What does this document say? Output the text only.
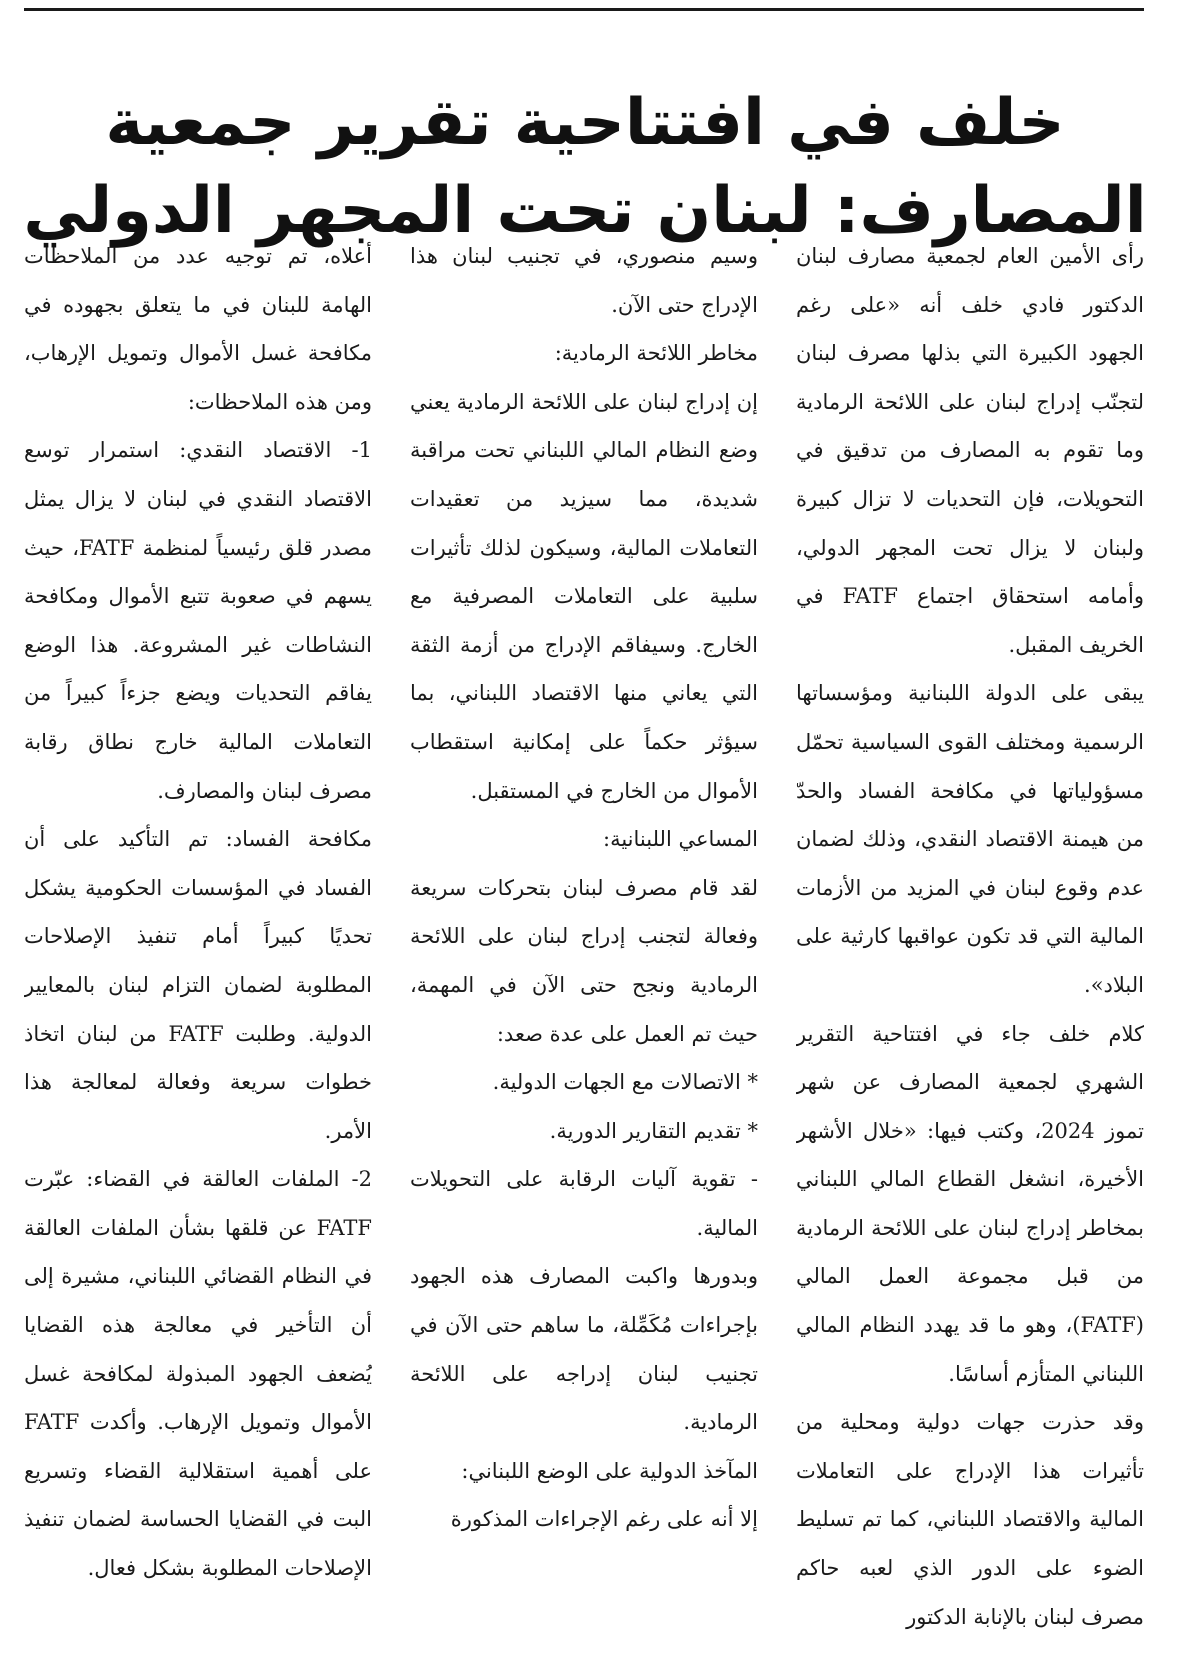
خلف في افتتاحية تقرير جمعية
المصارف: لبنان تحت المجهر الدولي

رأى الأمين العام لجمعية مصارف لبنان الدكتور فادي خلف أنه «على رغم الجهود الكبيرة التي بذلها مصرف لبنان لتجنّب إدراج لبنان على اللائحة الرمادية وما تقوم به المصارف من تدقيق في التحويلات، فإن التحديات لا تزال كبيرة ولبنان لا يزال تحت المجهر الدولي، وأمامه استحقاق اجتماع FATF في الخريف المقبل.

يبقى على الدولة اللبنانية ومؤسساتها الرسمية ومختلف القوى السياسية تحمّل مسؤولياتها في مكافحة الفساد والحدّ من هيمنة الاقتصاد النقدي، وذلك لضمان عدم وقوع لبنان في المزيد من الأزمات المالية التي قد تكون عواقبها كارثية على البلاد».

كلام خلف جاء في افتتاحية التقرير الشهري لجمعية المصارف عن شهر تموز 2024، وكتب فيها: «خلال الأشهر الأخيرة، انشغل القطاع المالي اللبناني بمخاطر إدراج لبنان على اللائحة الرمادية من قبل مجموعة العمل المالي (FATF)، وهو ما قد يهدد النظام المالي اللبناني المتأزم أساسًا.

وقد حذرت جهات دولية ومحلية من تأثيرات هذا الإدراج على التعاملات المالية والاقتصاد اللبناني، كما تم تسليط الضوء على الدور الذي لعبه حاكم مصرف لبنان بالإنابة الدكتور

وسيم منصوري، في تجنيب لبنان هذا الإدراج حتى الآن.

مخاطر اللائحة الرمادية:

إن إدراج لبنان على اللائحة الرمادية يعني وضع النظام المالي اللبناني تحت مراقبة شديدة، مما سيزيد من تعقيدات التعاملات المالية، وسيكون لذلك تأثيرات سلبية على التعاملات المصرفية مع الخارج. وسيفاقم الإدراج من أزمة الثقة التي يعاني منها الاقتصاد اللبناني، بما سيؤثر حكماً على إمكانية استقطاب الأموال من الخارج في المستقبل.

المساعي اللبنانية:

لقد قام مصرف لبنان بتحركات سريعة وفعالة لتجنب إدراج لبنان على اللائحة الرمادية ونجح حتى الآن في المهمة، حيث تم العمل على عدة صعد:

* الاتصالات مع الجهات الدولية.

* تقديم التقارير الدورية.

- تقوية آليات الرقابة على التحويلات المالية.

وبدورها واكبت المصارف هذه الجهود بإجراءات مُكَمِّلة، ما ساهم حتى الآن في تجنيب لبنان إدراجه على اللائحة الرمادية.

المآخذ الدولية على الوضع اللبناني:

إلا أنه على رغم الإجراءات المذكورة

أعلاه، تم توجيه عدد من الملاحظات الهامة للبنان في ما يتعلق بجهوده في مكافحة غسل الأموال وتمويل الإرهاب، ومن هذه الملاحظات:

1- الاقتصاد النقدي: استمرار توسع الاقتصاد النقدي في لبنان لا يزال يمثل مصدر قلق رئيسياً لمنظمة FATF، حيث يسهم في صعوبة تتبع الأموال ومكافحة النشاطات غير المشروعة. هذا الوضع يفاقم التحديات ويضع جزءاً كبيراً من التعاملات المالية خارج نطاق رقابة مصرف لبنان والمصارف.

مكافحة الفساد: تم التأكيد على أن الفساد في المؤسسات الحكومية يشكل تحديًا كبيراً أمام تنفيذ الإصلاحات المطلوبة لضمان التزام لبنان بالمعايير الدولية. وطلبت FATF من لبنان اتخاذ خطوات سريعة وفعالة لمعالجة هذا الأمر.

2- الملفات العالقة في القضاء: عبّرت FATF عن قلقها بشأن الملفات العالقة في النظام القضائي اللبناني، مشيرة إلى أن التأخير في معالجة هذه القضايا يُضعف الجهود المبذولة لمكافحة غسل الأموال وتمويل الإرهاب. وأكدت FATF على أهمية استقلالية القضاء وتسريع البت في القضايا الحساسة لضمان تنفيذ الإصلاحات المطلوبة بشكل فعال.
